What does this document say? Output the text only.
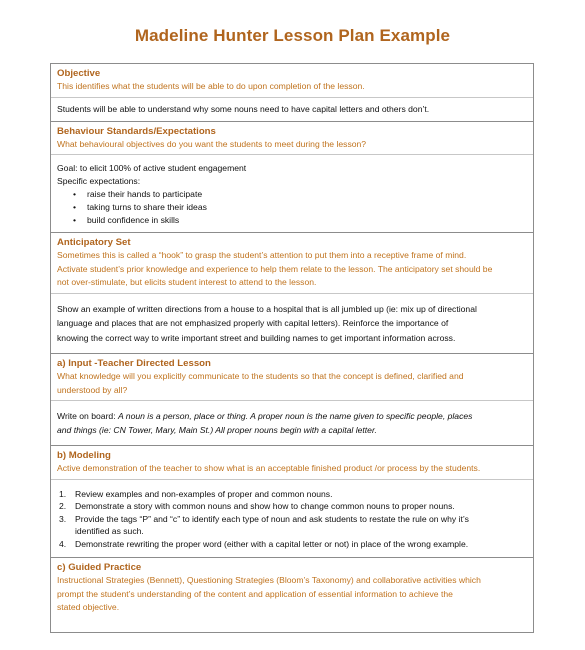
Madeline Hunter Lesson Plan Example
Objective
This identifies what the students will be able to do upon completion of the lesson.
Students will be able to understand why some nouns need to have capital letters and others don’t.
Behaviour Standards/Expectations
What behavioural objectives do you want the students to meet during the lesson?
Goal: to elicit 100% of active student engagement
Specific expectations:
• raise their hands to participate
• taking turns to share their ideas
• build confidence in skills
Anticipatory Set
Sometimes this is called a “hook” to grasp the student’s attention to put them into a receptive frame of mind.
Activate student’s prior knowledge and experience to help them relate to the lesson. The anticipatory set should be
not over-stimulate, but elicits student interest to attend to the lesson.
Show an example of written directions from a house to a hospital that is all jumbled up (ie: mix up of directional
language and places that are not emphasized properly with capital letters). Reinforce the importance of
knowing the correct way to write important street and building names to get important information across.
a) Input -Teacher Directed Lesson
What knowledge will you explicitly communicate to the students so that the concept is defined, clarified and
understood by all?
Write on board: A noun is a person, place or thing. A proper noun is the name given to specific people, places
and things (ie: CN Tower, Mary, Main St.) All proper nouns begin with a capital letter.
b) Modeling
Active demonstration of the teacher to show what is an acceptable finished product /or process by the students.
1. Review examples and non-examples of proper and common nouns.
2. Demonstrate a story with common nouns and show how to change common nouns to proper nouns.
3. Provide the tags “P” and “c” to identify each type of noun and ask students to restate the rule on why it’s
identified as such.
4. Demonstrate rewriting the proper word (either with a capital letter or not) in place of the wrong example.
c) Guided Practice
Instructional Strategies (Bennett), Questioning Strategies (Bloom’s Taxonomy) and collaborative activities which
prompt the student’s understanding of the content and application of essential information to achieve the
stated objective.
